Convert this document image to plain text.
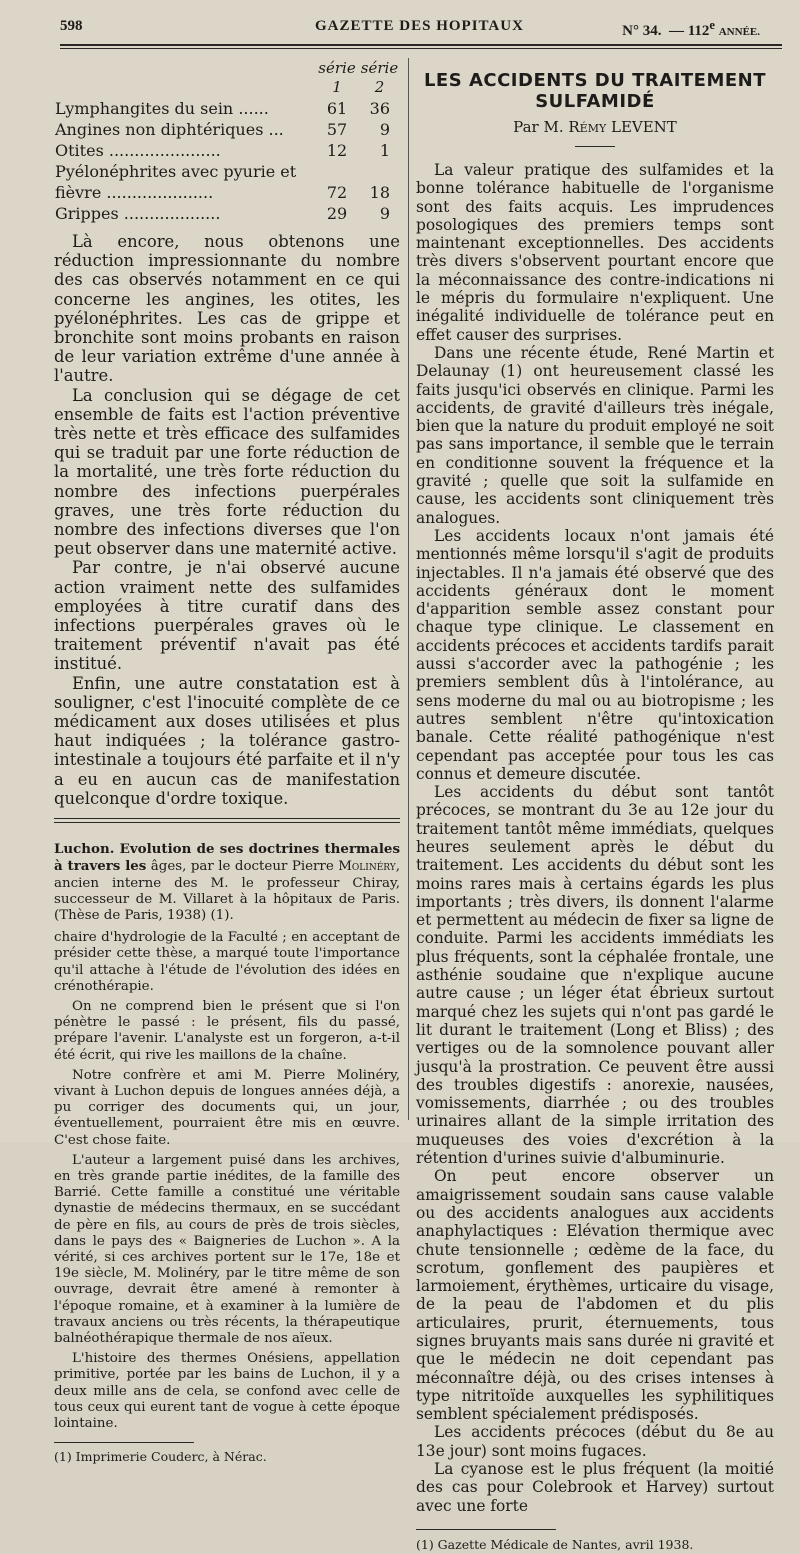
598	GAZETTE DES HOPITAUX	N° 34. — 112e ANNÉE.
	série 1	série 2
Lymphangites du sein ......	61	36
Angines non diphtériques ...	57	9
Otites ......................	12	1
Pyélonéphrites avec pyurie et		
fièvre .....................	72	18
Grippes ...................	29	9

Là encore, nous obtenons une réduction impressionnante du nombre des cas observés notamment en ce qui concerne les angines, les otites, les pyélonéphrites. Les cas de grippe et bronchite sont moins probants en raison de leur variation extrême d'une année à l'autre.

La conclusion qui se dégage de cet ensemble de faits est l'action préventive très nette et très efficace des sulfamides qui se traduit par une forte réduction de la mortalité, une très forte réduction du nombre des infections puerpérales graves, une très forte réduction du nombre des infections diverses que l'on peut observer dans une maternité active.

Par contre, je n'ai observé aucune action vraiment nette des sulfamides employées à titre curatif dans des infections puerpérales graves où le traitement préventif n'avait pas été institué.

Enfin, une autre constatation est à souligner, c'est l'inocuité complète de ce médicament aux doses utilisées et plus haut indiquées ; la tolérance gastro-intestinale a toujours été parfaite et il n'y a eu en aucun cas de manifestation quelconque d'ordre toxique.

Luchon. Evolution de ses doctrines thermales à travers les âges, par le docteur Pierre Molinéry, ancien interne des M. le professeur Chiray, successeur de M. Villaret à la hôpitaux de Paris. (Thèse de Paris, 1938) (1).

chaire d'hydrologie de la Faculté ; en acceptant de présider cette thèse, a marqué toute l'importance qu'il attache à l'étude de l'évolution des idées en crénothérapie.

On ne comprend bien le présent que si l'on pénètre le passé : le présent, fils du passé, prépare l'avenir. L'analyste est un forgeron, a-t-il été écrit, qui rive les maillons de la chaîne.

Notre confrère et ami M. Pierre Molinéry, vivant à Luchon depuis de longues années déjà, a pu corriger des documents qui, un jour, éventuellement, pourraient être mis en œuvre. C'est chose faite.

L'auteur a largement puisé dans les archives, en très grande partie inédites, de la famille des Barrié. Cette famille a constitué une véritable dynastie de médecins thermaux, en se succédant de père en fils, au cours de près de trois siècles, dans le pays des « Baigneries de Luchon ». A la vérité, si ces archives portent sur le 17e, 18e et 19e siècle, M. Molinéry, par le titre même de son ouvrage, devrait être amené à remonter à l'époque romaine, et à examiner à la lumière de travaux anciens ou très récents, la thérapeutique balnéothérapique thermale de nos aïeux.

L'histoire des thermes Onésiens, appellation primitive, portée par les bains de Luchon, il y a deux mille ans de cela, se confond avec celle de tous ceux qui eurent tant de vogue à cette époque lointaine.

(1) Imprimerie Couderc, à Nérac.

LES ACCIDENTS DU TRAITEMENT SULFAMIDÉ
Par M. Rémy LEVENT

La valeur pratique des sulfamides et la bonne tolérance habituelle de l'organisme sont des faits acquis. Les imprudences posologiques des premiers temps sont maintenant exceptionnelles. Des accidents très divers s'observent pourtant encore que la méconnaissance des contre-indications ni le mépris du formulaire n'expliquent. Une inégalité individuelle de tolérance peut en effet causer des surprises.

Dans une récente étude, René Martin et Delaunay (1) ont heureusement classé les faits jusqu'ici observés en clinique. Parmi les accidents, de gravité d'ailleurs très inégale, bien que la nature du produit employé ne soit pas sans importance, il semble que le terrain en conditionne souvent la fréquence et la gravité ; quelle que soit la sulfamide en cause, les accidents sont cliniquement très analogues.

Les accidents locaux n'ont jamais été mentionnés même lorsqu'il s'agit de produits injectables. Il n'a jamais été observé que des accidents généraux dont le moment d'apparition semble assez constant pour chaque type clinique. Le classement en accidents précoces et accidents tardifs parait aussi s'accorder avec la pathogénie ; les premiers semblent dûs à l'intolérance, au sens moderne du mal ou au biotropisme ; les autres semblent n'être qu'intoxication banale. Cette réalité pathogénique n'est cependant pas acceptée pour tous les cas connus et demeure discutée.

Les accidents du début sont tantôt précoces, se montrant du 3e au 12e jour du traitement tantôt même immédiats, quelques heures seulement après le début du traitement. Les accidents du début sont les moins rares mais à certains égards les plus importants ; très divers, ils donnent l'alarme et permettent au médecin de fixer sa ligne de conduite. Parmi les accidents immédiats les plus fréquents, sont la céphalée frontale, une asthénie soudaine que n'explique aucune autre cause ; un léger état ébrieux surtout marqué chez les sujets qui n'ont pas gardé le lit durant le traitement (Long et Bliss) ; des vertiges ou de la somnolence pouvant aller jusqu'à la prostration. Ce peuvent être aussi des troubles digestifs : anorexie, nausées, vomissements, diarrhée ; ou des troubles urinaires allant de la simple irritation des muqueuses des voies d'excrétion à la rétention d'urines suivie d'albuminurie.

On peut encore observer un amaigrissement soudain sans cause valable ou des accidents analogues aux accidents anaphylactiques : Elévation thermique avec chute tensionnelle ; œdème de la face, du scrotum, gonflement des paupières et larmoiement, érythèmes, urticaire du visage, de la peau de l'abdomen et du plis articulaires, prurit, éternuements, tous signes bruyants mais sans durée ni gravité et que le médecin ne doit cependant pas méconnaître déjà, ou des crises intenses à type nitritoïde auxquelles les syphilitiques semblent spécialement prédisposés.

Les accidents précoces (début du 8e au 13e jour) sont moins fugaces.

La cyanose est le plus fréquent (la moitié des cas pour Colebrook et Harvey) surtout avec une forte

(1) Gazette Médicale de Nantes, avril 1938.
